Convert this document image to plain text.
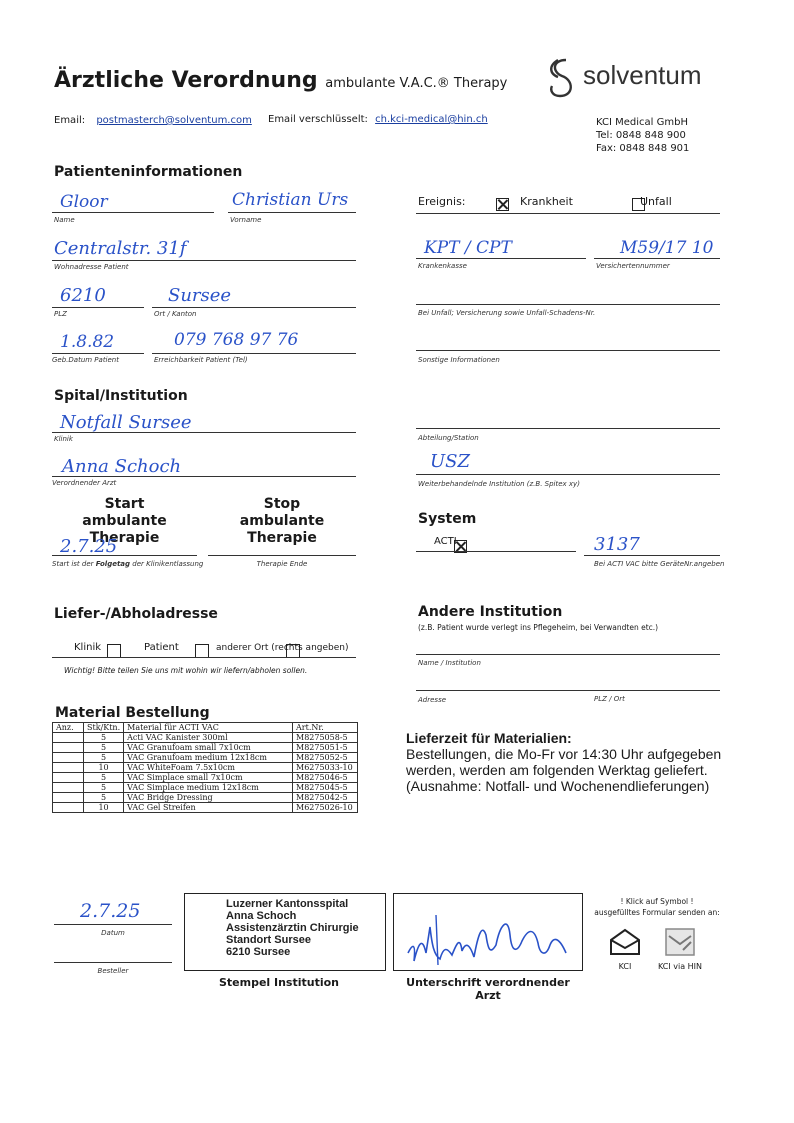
Ärztliche Verordnung ambulante V.A.C.® Therapy	solventum
Email: postmasterch@solventum.com Email verschlüsselt: ch.kci-medical@hin.ch	KCI Medical GmbH
Tel: 0848 848 900
Fax: 0848 848 901
Patienteninformationen
Gloor
Name
Christian Urs
Vorname
Centralstr. 31f
Wohnadresse Patient
6210
PLZ
Sursee
Ort / Kanton
1.8.82
Geb.Datum Patient
079 768 97 76
Erreichbarkeit Patient (Tel)
Ereignis:
	Krankheit
	Unfall
KPT / CPT
Krankenkasse
M59/17 10
Versichertennummer
Bei Unfall; Versicherung sowie Unfall-Schadens-Nr.
Sonstige Informationen
Spital/Institution
Notfall Sursee
Klinik
Anna Schoch
Verordnender Arzt
Abteilung/Station
USZ
Weiterbehandelnde Institution (z.B. Spitex xy)
Start
ambulante Therapie
Stop
ambulante Therapie
2.7.25
Start ist der Folgetag der Klinikentlassung	Therapie Ende
System

ACTI	3137
Bei ACTI VAC bitte GeräteNr.angeben
Liefer-/Abholadresse

Klinik
	Patient	anderer Ort (rechts angeben)
Wichtig! Bitte teilen Sie uns mit wohin wir liefern/abholen sollen.
Andere Institution
(z.B. Patient wurde verlegt ins Pflegeheim, bei Verwandten etc.)
Name / Institution
Adresse	PLZ / Ort
Material Bestellung
Anz.	Stk/Ktn.	Material für ACTI VAC	Art.Nr.
	5	Acti VAC Kanister 300ml	M8275058-5
	5	VAC Granufoam small 7x10cm	M8275051-5
	5	VAC Granufoam medium 12x18cm	M8275052-5
	10	VAC WhiteFoam 7.5x10cm	M6275033-10
	5	VAC Simplace small 7x10cm	M8275046-5
	5	VAC Simplace medium 12x18cm	M8275045-5
	5	VAC Bridge Dressing	M8275042-5
	10	VAC Gel Streifen	M6275026-10
Lieferzeit für Materialien:
Bestellungen, die Mo-Fr vor 14:30 Uhr aufgegeben
werden, werden am folgenden Werktag geliefert.
(Ausnahme: Notfall- und Wochenendlieferungen)
2.7.25
Datum
Besteller
Luzerner Kantonsspital
Anna Schoch
Assistenzärztin Chirurgie
Standort Sursee
6210 Sursee
Stempel Institution	Unterschrift verordnender Arzt
! Klick auf Symbol !
ausgefülltes Formular senden an:
KCI	KCI via HIN
